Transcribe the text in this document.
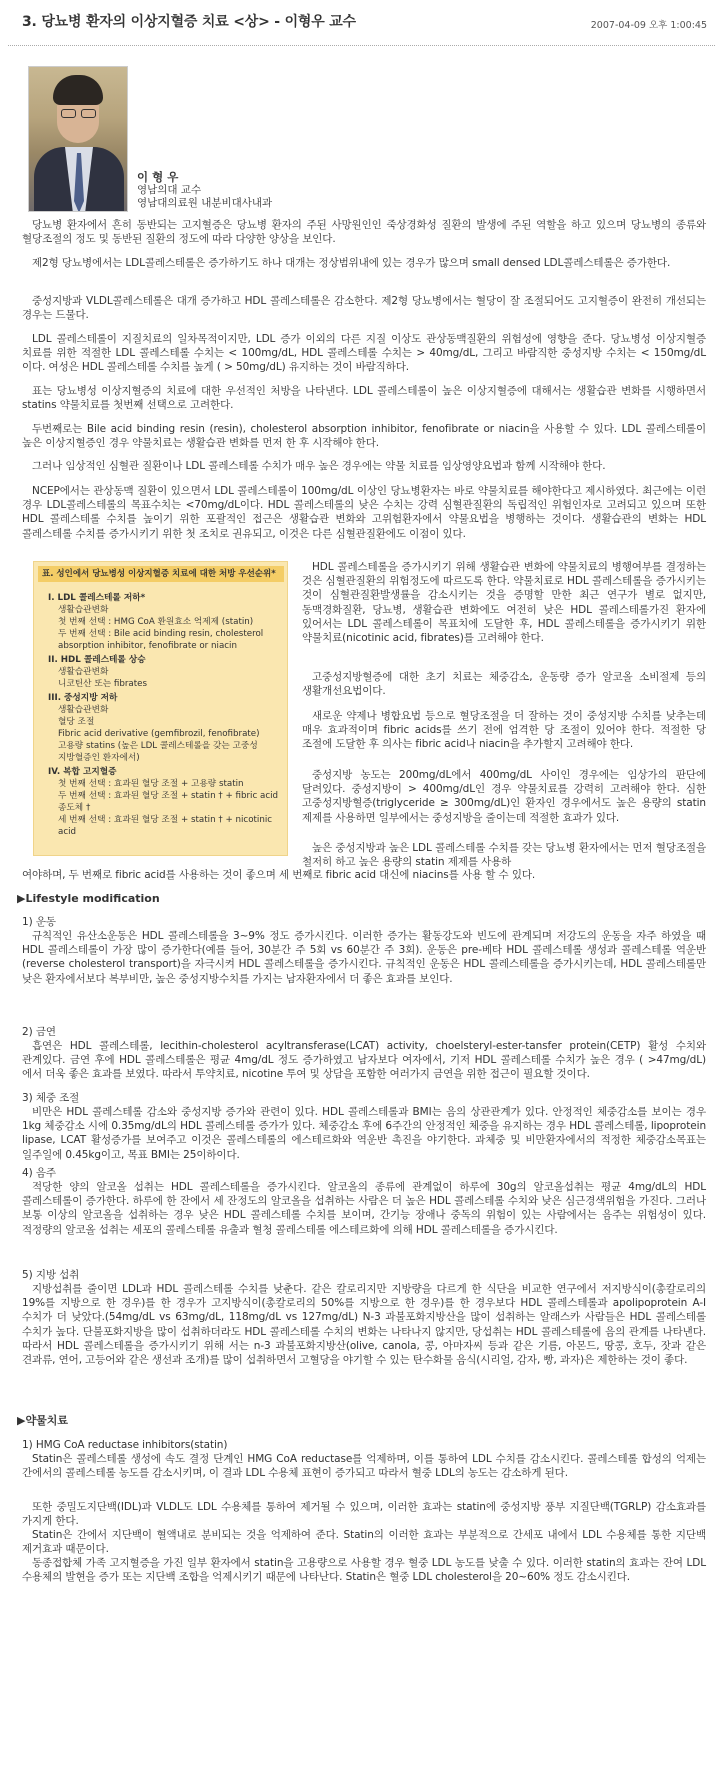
3. 당뇨병 환자의 이상지혈증 치료 <상> - 이형우 교수	2007-04-09 오후 1:00:45
이 형 우
영남의대 교수
영남대의료원 내분비대사내과
당뇨병 환자에서 흔히 동반되는 고지혈증은 당뇨병 환자의 주된 사망원인인 죽상경화성 질환의 발생에 주된 역할을 하고 있으며 당뇨병의 종류와 혈당조절의 정도 및 동반된 질환의 정도에 따라 다양한 양상을 보인다.
제2형 당뇨병에서는 LDL콜레스테롤은 증가하기도 하나 대개는 정상범위내에 있는 경우가 많으며 small densed LDL콜레스테롤은 증가한다.
중성지방과 VLDL콜레스테롤은 대개 증가하고 HDL 콜레스테롤은 감소한다. 제2형 당뇨병에서는 혈당이 잘 조절되어도 고지혈증이 완전히 개선되는 경우는 드물다.
LDL 콜레스테롤이 지질치료의 일차목적이지만, LDL 증가 이외의 다른 지질 이상도 관상동맥질환의 위험성에 영향을 준다. 당뇨병성 이상지혈증 치료를 위한 적절한 LDL 콜레스테롤 수치는 < 100mg/dL, HDL 콜레스테롤 수치는 > 40mg/dL, 그리고 바람직한 중성지방 수치는 < 150mg/dL 이다. 여성은 HDL 콜레스테롤 수치를 높게 ( > 50mg/dL) 유지하는 것이 바람직하다.
표는 당뇨병성 이상지혈증의 치료에 대한 우선적인 처방을 나타낸다. LDL 콜레스테롤이 높은 이상지혈증에 대해서는 생활습관 변화를 시행하면서 statins 약물치료를 첫번째 선택으로 고려한다.
두번째로는 Bile acid binding resin (resin), cholesterol absorption inhibitor, fenofibrate or niacin을 사용할 수 있다. LDL 콜레스테롤이 높은 이상지혈증인 경우 약물치료는 생활습관 변화를 먼저 한 후 시작해야 한다.
그러나 임상적인 심혈관 질환이나 LDL 콜레스테롤 수치가 매우 높은 경우에는 약물 치료를 임상영양요법과 함께 시작해야 한다.
NCEP에서는 관상동맥 질환이 있으면서 LDL 콜레스테롤이 100mg/dL 이상인 당뇨병환자는 바로 약물치료를 해야한다고 제시하였다. 최근에는 이런 경우 LDL콜레스테롤의 목표수치는 <70mg/dL이다. HDL 콜레스테롤의 낮은 수치는 강력 심혈관질환의 독립적인 위험인자로 고려되고 있으며 또한 HDL 콜레스테롤 수치를 높이기 위한 포괄적인 접근은 생활습관 변화와 고위험환자에서 약물요법을 병행하는 것이다. 생활습관의 변화는 HDL 콜레스테롤 수치를 증가시키기 위한 첫 조치로 권유되고, 이것은 다른 심혈관질환에도 이점이 있다.
표. 성인에서 당뇨병성 이상지혈증 치료에 대한 처방 우선순위*
I. LDL 콜레스테롤 저하*
생활습관변화
첫 번째 선택 : HMG CoA 환원효소 억제제 (statin)
두 번째 선택 : Bile acid binding resin, cholesterol
absorption inhibitor, fenofibrate or niacin
II. HDL 콜레스테롤 상승
생활습관변화
니코틴산 또는 fibrates
III. 중성지방 저하
생활습관변화
혈당 조절
Fibric acid derivative (gemfibrozil, fenofibrate)
고용량 statins (높은 LDL 콜레스테롤을 갖는 고중성
지방혈증인 환자에서)
IV. 복합 고지혈증
첫 번째 선택 : 효과된 혈당 조절 + 고용량 statin
두 번째 선택 : 효과된 혈당 조절 + statin † + fibric acid
종도체 †
세 번째 선택 : 효과된 혈당 조절 + statin † + nicotinic
acid
HDL 콜레스테롤을 증가시키기 위해 생활습관 변화에 약물치료의 병행여부를 결정하는 것은 심혈관질환의 위험정도에 따르도록 한다. 약물치료로 HDL 콜레스테롤을 증가시키는 것이 심혈관질환발생률을 감소시키는 것을 증명할 만한 최근 연구가 별로 없지만, 동맥경화질환, 당뇨병, 생활습관 변화에도 여전히 낮은 HDL 콜레스테롤가진 환자에 있어서는 LDL 콜레스테롤이 목표치에 도달한 후, HDL 콜레스테롤을 증가시키기 위한 약물치료(nicotinic acid, fibrates)를 고려해야 한다.
고중성지방혈증에 대한 초기 치료는 체중감소, 운동량 증가 알코올 소비절제 등의 생활개선요법이다.
새로운 약제나 병합요법 등으로 혈당조절을 더 잘하는 것이 중성지방 수치를 낮추는데 매우 효과적이며 fibric acids를 쓰기 전에 엄격한 당 조절이 있어야 한다. 적절한 당 조절에 도달한 후 의사는 fibric acid나 niacin을 추가할지 고려해야 한다.
중성지방 농도는 200mg/dL에서 400mg/dL 사이인 경우에는 임상가의 판단에 달려있다. 중성지방이 > 400mg/dL인 경우 약물치료를 강력히 고려해야 한다. 심한 고중성지방혈증(triglyceride ≥ 300mg/dL)인 환자인 경우에서도 높은 용량의 statin 제제를 사용하면 일부에서는 중성지방을 줄이는데 적절한 효과가 있다.
높은 중성지방과 높은 LDL 콜레스테롤 수치를 갖는 당뇨병 환자에서는 먼저 혈당조절을 철저히 하고 높은 용량의 statin 제제를 사용하
여야하며, 두 번째로 fibric acid를 사용하는 것이 좋으며 세 번째로 fibric acid 대신에 niacins를 사용 할 수 있다.
▶Lifestyle modification
1) 운동
규칙적인 유산소운동은 HDL 콜레스테롤을 3~9% 정도 증가시킨다. 이러한 증가는 활동강도와 빈도에 관계되며 저강도의 운동을 자주 하였을 때 HDL 콜레스테롤이 가장 많이 증가한다(예를 들어, 30분간 주 5회 vs 60분간 주 3회). 운동은 pre-베타 HDL 콜레스테롤 생성과 콜레스테롤 역운반(reverse cholesterol transport)을 자극시켜 HDL 콜레스테롤을 증가시킨다. 규칙적인 운동은 HDL 콜레스테롤을 증가시키는데, HDL 콜레스테롤만 낮은 환자에서보다 복부비만, 높은 중성지방수치를 가지는 남자환자에서 더 좋은 효과를 보인다.
2) 금연
흡연은 HDL 콜레스테롤, lecithin-cholesterol acyltransferase(LCAT) activity, choelsteryl-ester-tansfer protein(CETP) 활성 수치와 관계있다. 금연 후에 HDL 콜레스테롤은 평균 4mg/dL 정도 증가하였고 남자보다 여자에서, 기저 HDL 콜레스테롤 수치가 높은 경우 ( >47mg/dL) 에서 더욱 좋은 효과를 보였다. 따라서 투약치료, nicotine 투여 및 상담을 포함한 여러가지 금연을 위한 접근이 필요할 것이다.
3) 체중 조절
비만은 HDL 콜레스테롤 감소와 중성지방 증가와 관련이 있다. HDL 콜레스테롤과 BMI는 음의 상관관계가 있다. 안정적인 체중감소를 보이는 경우 1kg 체중감소 시에 0.35mg/dL의 HDL 콜레스테롤 증가가 있다. 체중감소 후에 6주간의 안정적인 체중을 유지하는 경우 HDL 콜레스테롤, lipoprotein lipase, LCAT 활성증가를 보여주고 이것은 콜레스테롤의 에스테르화와 역운반 촉진을 야기한다. 과체중 및 비만환자에서의 적정한 체중감소목표는 일주일에 0.45kg이고, 목표 BMI는 25이하이다.
4) 음주
적당한 양의 알코올 섭취는 HDL 콜레스테롤을 증가시킨다. 알코올의 종류에 관계없이 하루에 30g의 알코올섭취는 평균 4mg/dL의 HDL 콜레스테롤이 증가한다. 하루에 한 잔에서 세 잔정도의 알코올을 섭취하는 사람은 더 높은 HDL 콜레스테롤 수치와 낮은 심근경색위험을 가진다. 그러나 보통 이상의 알코올을 섭취하는 경우 낮은 HDL 콜레스테롤 수치를 보이며, 간기능 장애나 중독의 위험이 있는 사람에서는 음주는 위험성이 있다. 적정량의 알코올 섭취는 세포의 콜레스테롤 유출과 혈청 콜레스테롤 에스테르화에 의해 HDL 콜레스테롤을 증가시킨다.
5) 지방 섭취
지방섭취를 줄이면 LDL과 HDL 콜레스테롤 수치를 낮춘다. 같은 칼로리지만 지방량을 다르게 한 식단을 비교한 연구에서 저지방식이(총칼로리의 19%를 지방으로 한 경우)를 한 경우가 고지방식이(총칼로리의 50%를 지방으로 한 경우)를 한 경우보다 HDL 콜레스테롤과 apolipoprotein A-I 수치가 더 낮았다.(54mg/dL vs 63mg/dL, 118mg/dL vs 127mg/dL) N-3 과불포화지방산을 많이 섭취하는 알래스카 사람들은 HDL 콜레스테롤 수치가 높다. 단불포화지방을 많이 섭취하더라도 HDL 콜레스테롤 수치의 변화는 나타나지 않지만, 당섭취는 HDL 콜레스테롤에 음의 관계를 나타낸다. 따라서 HDL 콜레스테롤을 증가시키기 위해 서는 n-3 과불포화지방산(olive, canola, 콩, 아마자씨 등과 같은 기름, 아몬드, 땅콩, 호두, 잣과 같은 견과류, 연어, 고등어와 같은 생선과 조개)를 많이 섭취하면서 고혈당을 야기할 수 있는 탄수화물 음식(시리얼, 감자, 빵, 과자)은 제한하는 것이 좋다.
▶약물치료
1) HMG CoA reductase inhibitors(statin)
Statin은 콜레스테롤 생성에 속도 결정 단계인 HMG CoA reductase를 억제하며, 이를 통하여 LDL 수치를 감소시킨다. 콜레스테롤 합성의 억제는 간에서의 콜레스테롤 농도를 감소시키며, 이 결과 LDL 수용체 표현이 증가되고 따라서 혈중 LDL의 농도는 감소하게 된다.
또한 중밀도지단백(IDL)과 VLDL도 LDL 수용체를 통하여 제거될 수 있으며, 이러한 효과는 statin에 중성지방 풍부 지질단백(TGRLP) 감소효과를 가지게 한다.
Statin은 간에서 지단백이 혈액내로 분비되는 것을 억제하여 준다. Statin의 이러한 효과는 부분적으로 간세포 내에서 LDL 수용체를 통한 지단백 제거효과 때문이다.
동종접합체 가족 고지혈증을 가진 일부 환자에서 statin을 고용량으로 사용할 경우 혈중 LDL 농도를 낮출 수 있다. 이러한 statin의 효과는 잔여 LDL 수용체의 발현을 증가 또는 지단백 조합을 억제시키기 때문에 나타난다. Statin은 혈중 LDL cholesterol을 20~60% 정도 감소시킨다.
